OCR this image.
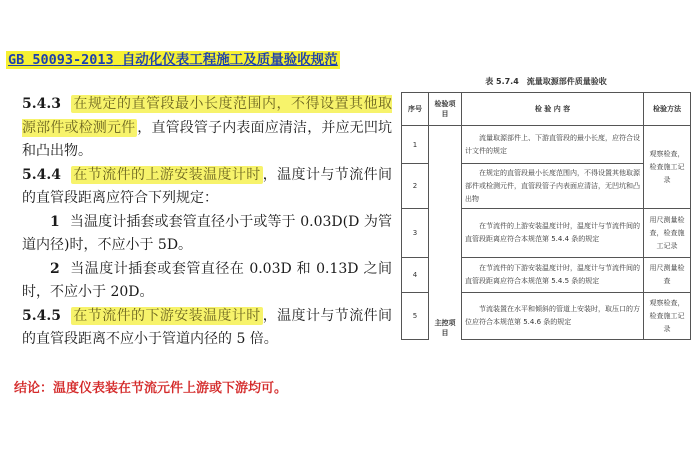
GB 50093-2013 自动化仪表工程施工及质量验收规范

5.4.3 在规定的直管段最小长度范围内，不得设置其他取源部件或检测元件 ，直管段管子内表面应清洁，并应无凹坑和凸出物。

5.4.4 在节流件的上游安装温度计时 ，温度计与节流件间的直管段距离应符合下列规定：

1 当温度计插套或套管直径小于或等于 0.03D(D 为管道内径)时，不应小于 5D。

2 当温度计插套或套管直径在 0.03D 和 0.13D 之间时，不应小于 20D。

5.4.5 在节流件的下游安装温度计时 ，温度计与节流件间的直管段距离不应小于管道内径的 5 倍。

结论：温度仪表装在节流元件上游或下游均可。
表 5.7.4　流量取源部件质量验收
序号	检验项目	检 验 内 容	检验方法
1	主控项目	流量取源部件上、下游直管段的最小长度，应符合设计文件的规定	观察检查，检查施工记录
2		在规定的直管段最小长度范围内，不得设置其他取源部件或检测元件，直管段管子内表面应清洁，无凹坑和凸出物	
3		在节流件的上游安装温度计时，温度计与节流件间的直管段距离应符合本规范第 5.4.4 条的规定	用尺测量检查，检查施工记录
4		在节流件的下游安装温度计时，温度计与节流件间的直管段距离应符合本规范第 5.4.5 条的规定	用尺测量检查
5		节流装置在水平和倾斜的管道上安装时，取压口的方位应符合本规范第 5.4.6 条的规定	观察检查，检查施工记录
